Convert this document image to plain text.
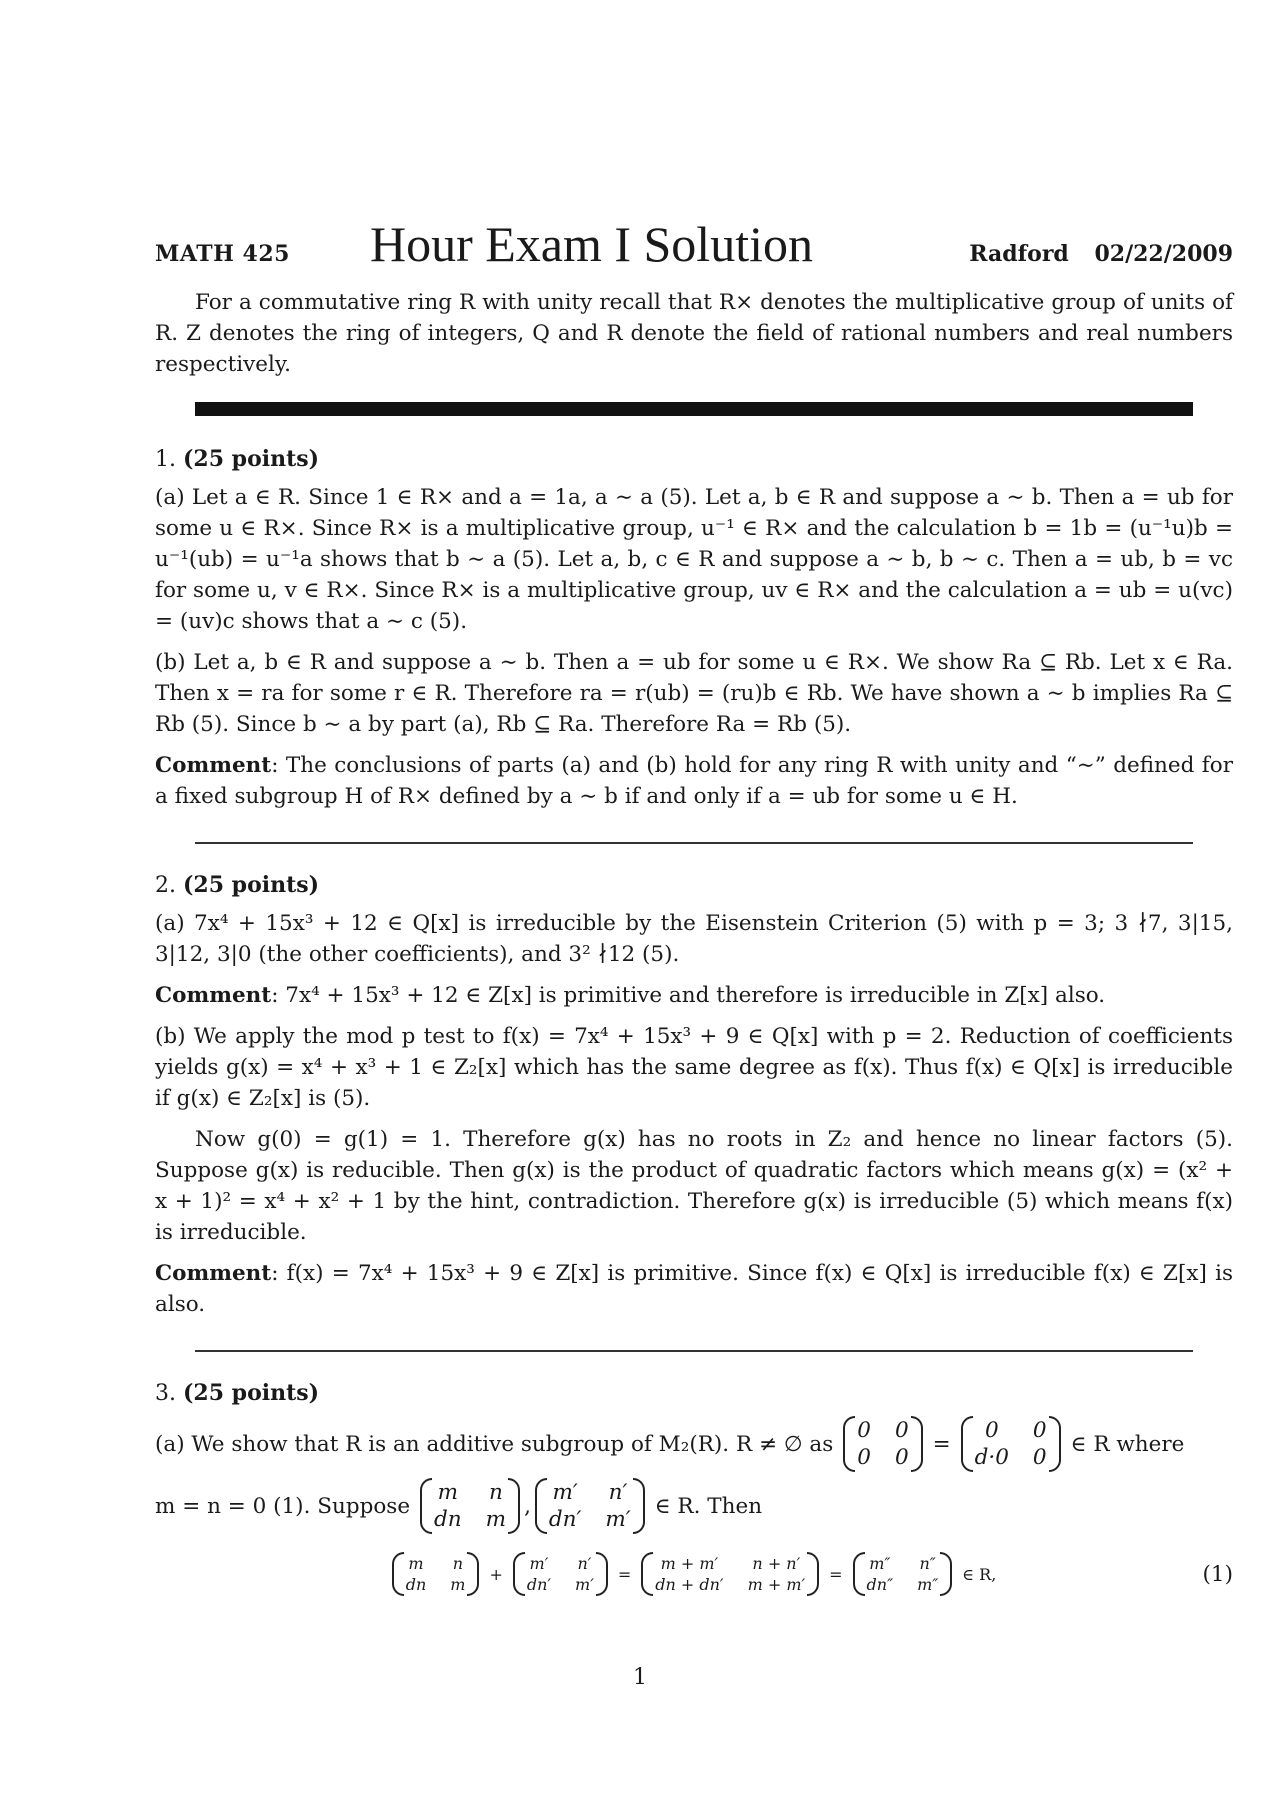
MATH 425 Hour Exam I Solution	Radford 02/22/2009

For a commutative ring R with unity recall that R× denotes the multiplicative group of units of R. Z denotes the ring of integers, Q and R denote the field of rational numbers and real numbers respectively.

1. (25 points)

(a) Let a ∈ R. Since 1 ∈ R× and a = 1a, a ∼ a (5). Let a, b ∈ R and suppose a ∼ b. Then a = ub for some u ∈ R×. Since R× is a multiplicative group, u⁻¹ ∈ R× and the calculation b = 1b = (u⁻¹u)b = u⁻¹(ub) = u⁻¹a shows that b ∼ a (5). Let a, b, c ∈ R and suppose a ∼ b, b ∼ c. Then a = ub, b = vc for some u, v ∈ R×. Since R× is a multiplicative group, uv ∈ R× and the calculation a = ub = u(vc) = (uv)c shows that a ∼ c (5).

(b) Let a, b ∈ R and suppose a ∼ b. Then a = ub for some u ∈ R×. We show Ra ⊆ Rb. Let x ∈ Ra. Then x = ra for some r ∈ R. Therefore ra = r(ub) = (ru)b ∈ Rb. We have shown a ∼ b implies Ra ⊆ Rb (5). Since b ∼ a by part (a), Rb ⊆ Ra. Therefore Ra = Rb (5).

Comment: The conclusions of parts (a) and (b) hold for any ring R with unity and “∼” defined for a fixed subgroup H of R× defined by a ∼ b if and only if a = ub for some u ∈ H.

2. (25 points)

(a) 7x⁴ + 15x³ + 12 ∈ Q[x] is irreducible by the Eisenstein Criterion (5) with p = 3; 3 ∤7, 3|15, 3|12, 3|0 (the other coefficients), and 3² ∤12 (5).

Comment: 7x⁴ + 15x³ + 12 ∈ Z[x] is primitive and therefore is irreducible in Z[x] also.

(b) We apply the mod p test to f(x) = 7x⁴ + 15x³ + 9 ∈ Q[x] with p = 2. Reduction of coefficients yields g(x) = x⁴ + x³ + 1 ∈ Z₂[x] which has the same degree as f(x). Thus f(x) ∈ Q[x] is irreducible if g(x) ∈ Z₂[x] is (5).

Now g(0) = g(1) = 1. Therefore g(x) has no roots in Z₂ and hence no linear factors (5). Suppose g(x) is reducible. Then g(x) is the product of quadratic factors which means g(x) = (x² + x + 1)² = x⁴ + x² + 1 by the hint, contradiction. Therefore g(x) is irreducible (5) which means f(x) is irreducible.

Comment: f(x) = 7x⁴ + 15x³ + 9 ∈ Z[x] is primitive. Since f(x) ∈ Q[x] is irreducible f(x) ∈ Z[x] is also.

3. (25 points)
(a) We show that R is an additive subgroup of M₂(R). R ≠ ∅ as
0 0
0 0
=
0	0
d·0 0
∈ R where
m = n = 0 (1). Suppose
m n
dn m
,
m′ n′
dn′ m′
∈ R. Then
m n
dn m
+
m′ n′
dn′ m′
=
m + m′	n + n′
dn + dn′ m + m′
=
m″ n″
dn″ m″
∈ R,	(1)
1
